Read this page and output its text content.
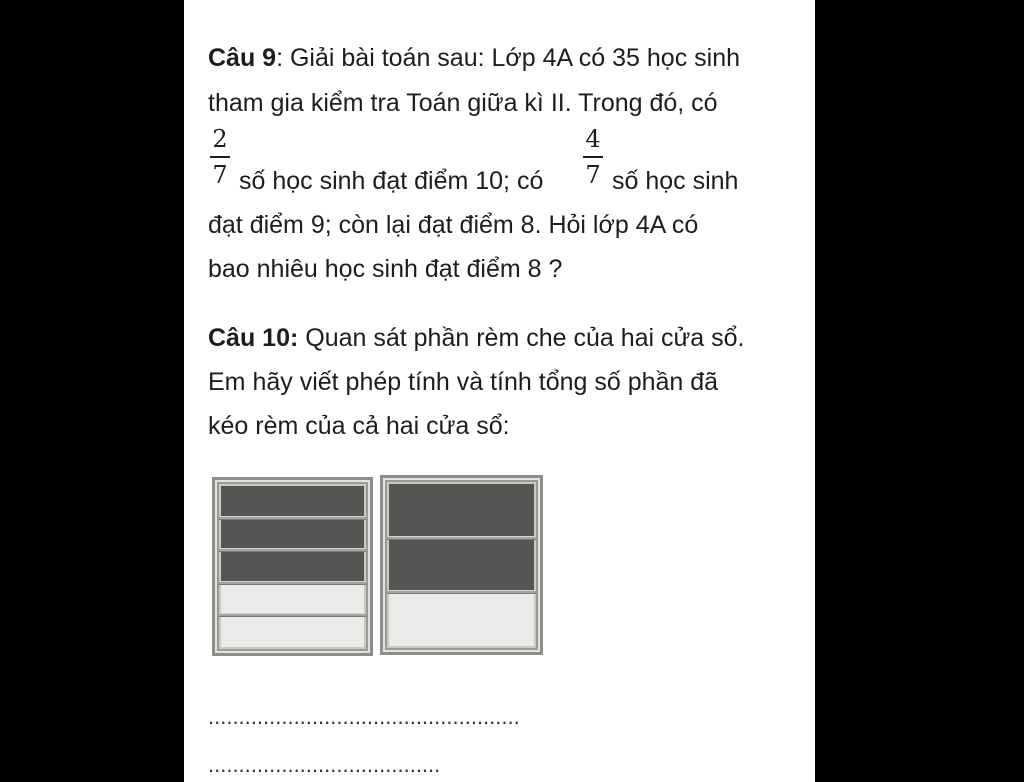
Câu 9: Giải bài toán sau: Lớp 4A có 35 học sinh
tham gia kiểm tra Toán giữa kì II. Trong đó, có
2
7 số học sinh đạt điểm 10; có
4
7 số học sinh
đạt điểm 9; còn lại đạt điểm 8. Hỏi lớp 4A có
bao nhiêu học sinh đạt điểm 8 ?
Câu 10: Quan sát phần rèm che của hai cửa sổ.
Em hãy viết phép tính và tính tổng số phần đã
kéo rèm của cả hai cửa sổ:
...................................................
......................................
